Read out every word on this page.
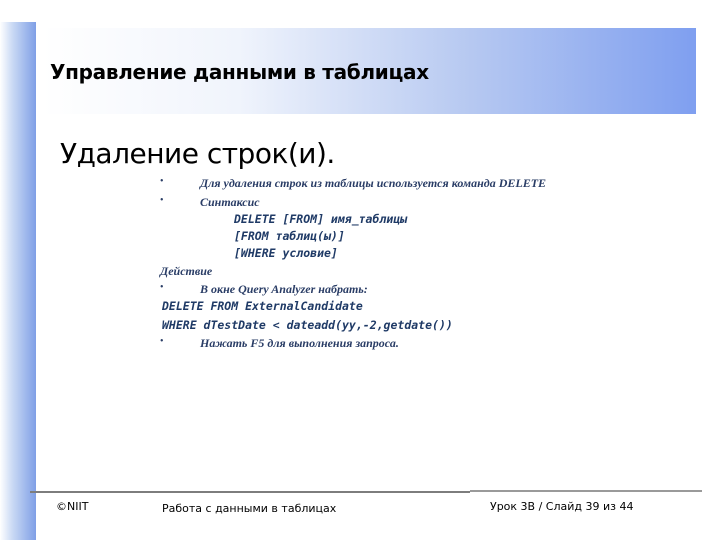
Управление данными в таблицах
Удаление строк(и).
•	Для удаления строк из таблицы используется команда DELETE
•	Синтаксис
DELETE [FROM] имя_таблицы
[FROM таблиц(ы)]
[WHERE условие]
Действие
•	В окне Query Analyzer набрать:
DELETE FROM ExternalCandidate
WHERE dTestDate < dateadd(yy,-2,getdate())
•	Нажать F5 для выполнения запроса.
©NIIT	Работа с данными в таблицах	Урок 3B / Слайд 39 из 44
